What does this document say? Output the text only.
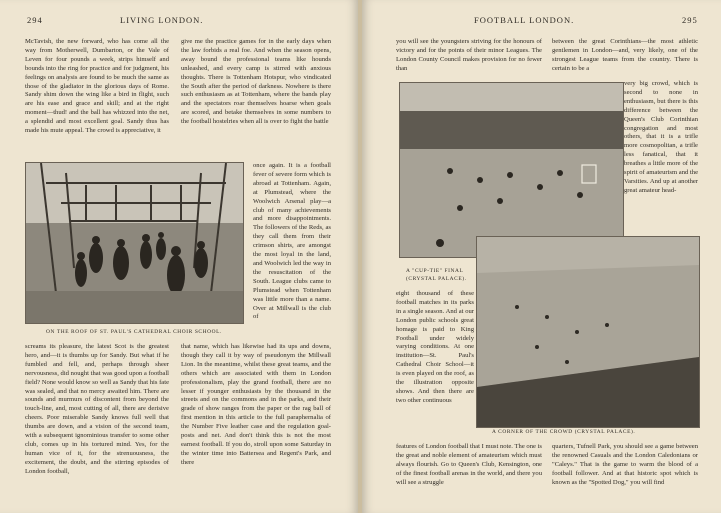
294	LIVING LONDON.

McTavish, the new forward, who has come all the way from Motherwell, Dumbarton, or the Vale of Leven for four pounds a week, strips himself and bounds into the ring for practice and for judgment, his feelings on analysis are found to be much the same as those of the gladiator in the glorious days of Rome. Sandy shim down the wing like a bird in flight, such are his ease and grace and skill; and at the right moment—thud! and the ball has whizzed into the net, a splendid and most excellent goal. Sandy thus has made his mute appeal. The crowd is appreciative, it

give me the practice games for in the early days when the law forbids a real foe. And when the season opens, away bound the professional teams like hounds unleashed, and every camp is stirred with anxious thoughts. There is Tottenham Hotspur, who vindicated the South after the period of darkness. Nowhere is there such enthusiasm as at Tottenham, where the bands play and the spectators roar themselves hoarse when goals are scored, and betake themselves in some numbers to the football hostelries when all is over to fight the battle

once again. It is a football fever of severe form which is abroad at Tottenham. Again, at Plumstead, where the Woolwich Arsenal play—a club of many achievements and more disappointments. The followers of the Reds, as they call them from their crimson shirts, are amongst the most loyal in the land, and Woolwich led the way in the resuscitation of the South. League clubs came to Plumstead when Tottenham was little more than a name. Over at Millwall is the club of

ON THE ROOF OF ST. PAUL'S CATHEDRAL CHOIR SCHOOL.

screams its pleasure, the latest Scot is the greatest hero, and—it is thumbs up for Sandy. But what if he fumbled and fell, and, perhaps through sheer nervousness, did nought that was good upon a football field? None would know so well as Sandy that his fate was sealed, and that no mercy awaited him. There are sounds and murmurs of discontent from beyond the touch-line, and, most cutting of all, there are derisive cheers. Poor miserable Sandy knows full well that thumbs are down, and a vision of the second team, with a subsequent ignominious transfer to some other club, comes up in his tortured mind. Yes, for the human vice of it, for the strenuousness, the excitement, the doubt, and the stirring episodes of London football,

that name, which has likewise had its ups and downs, though they call it by way of pseudonym the Millwall Lion. In the meantime, whilst these great teams, and the others which are associated with them in London professionalism, play the grand football, there are no lesser if younger enthusiasts by the thousand in the streets and on the commons and in the parks, and their grade of show ranges from the paper or the rag ball of first mention in this article to the full paraphernalia of the Number Five leather case and the regulation goal-posts and net. And don't think this is not the most earnest football. If you do, stroll upon some Saturday in the winter time into Battersea and Regent's Park, and there

FOOTBALL LONDON.	295

you will see the youngsters striving for the honours of victory and for the points of their minor Leagues. The London County Council makes provision for no fewer than

between the great Corinthians—the most athletic gentlemen in London—and, very likely, one of the strongest League teams from the country. There is certain to be a

A "CUP-TIE" FINAL
(CRYSTAL PALACE).

eight thousand of these football matches in its parks in a single season. And at our London public schools great homage is paid to King Football under widely varying conditions. At one institution—St. Paul's Cathedral Choir School—it is even played on the roof, as the illustration opposite shows. And then there are two other continuous

very big crowd, which is second to none in enthusiasm, but there is this difference between the Queen's Club Corinthian congregation and most others, that it is a trifle more cosmopolitan, a trifle less fanatical, that it breathes a little more of the spirit of amateurism and the Varsities. And up at another great amateur head-

A CORNER OF THE CROWD (CRYSTAL PALACE).

features of London football that I must note. The one is the great and noble element of amateurism which must always flourish. Go to Queen's Club, Kensington, one of the finest football arenas in the world, and there you will see a struggle

quarters, Tufnell Park, you should see a game between the renowned Casuals and the London Caledonians or "Caleys." That is the game to warm the blood of a football follower. And at that historic spot which is known as the "Spotted Dog," you will find
